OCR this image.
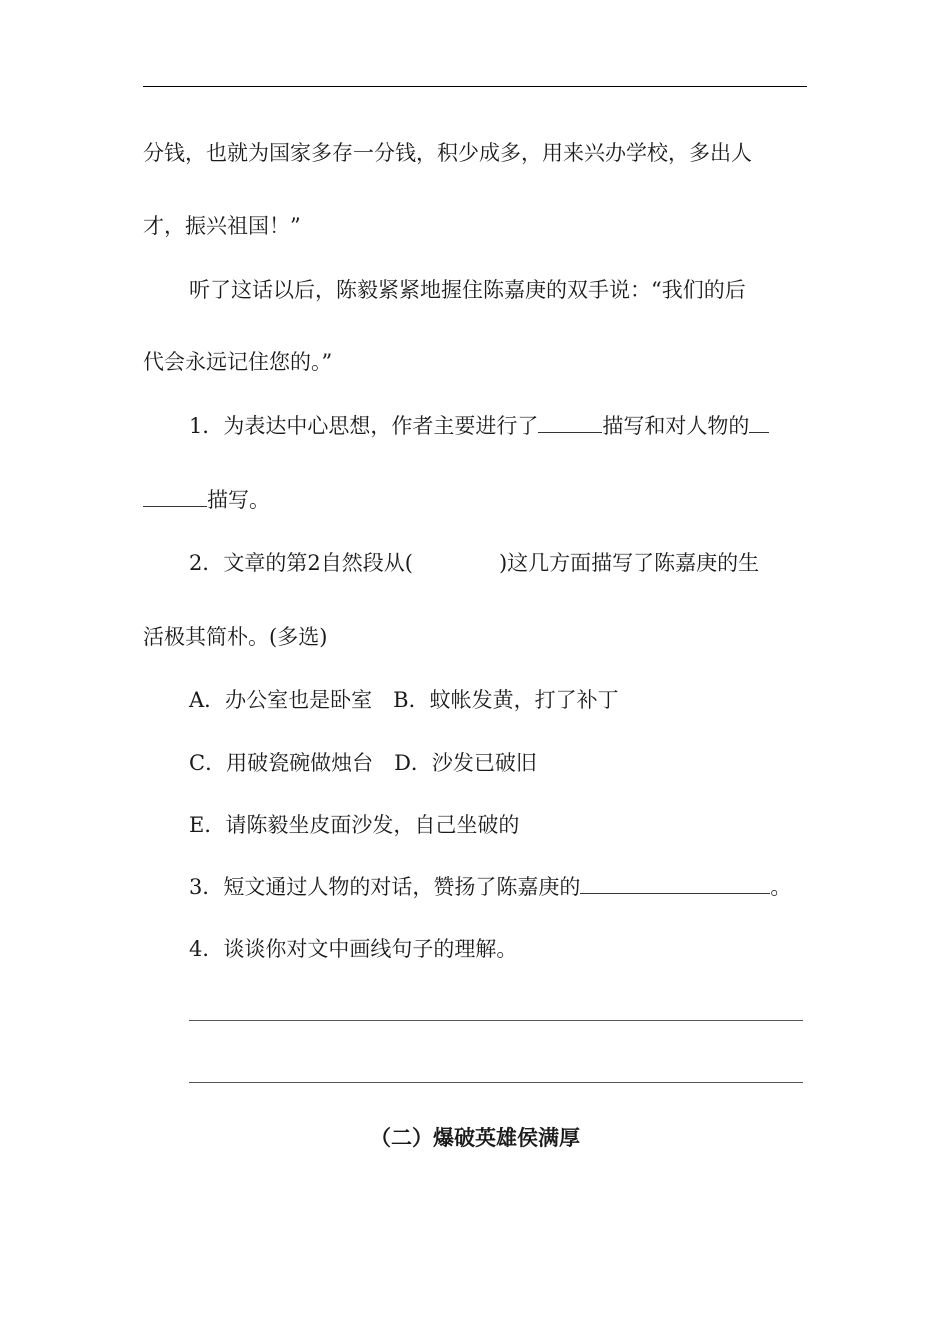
分钱，也就为国家多存一分钱，积少成多，用来兴办学校，多出人
才，振兴祖国！”
听了这话以后，陈毅紧紧地握住陈嘉庚的双手说：“我们的后
代会永远记住您的。”
1．为表达中心思想，作者主要进行了	描写和对人物的
描写。
2．文章的第2自然段从(	)这几方面描写了陈嘉庚的生
活极其简朴。(多选)
A．办公室也是卧室 B．蚊帐发黄，打了补丁
C．用破瓷碗做烛台 D．沙发已破旧
E．请陈毅坐皮面沙发，自己坐破的
3．短文通过人物的对话，赞扬了陈嘉庚的	。
4．谈谈你对文中画线句子的理解。
（二）爆破英雄侯满厚
